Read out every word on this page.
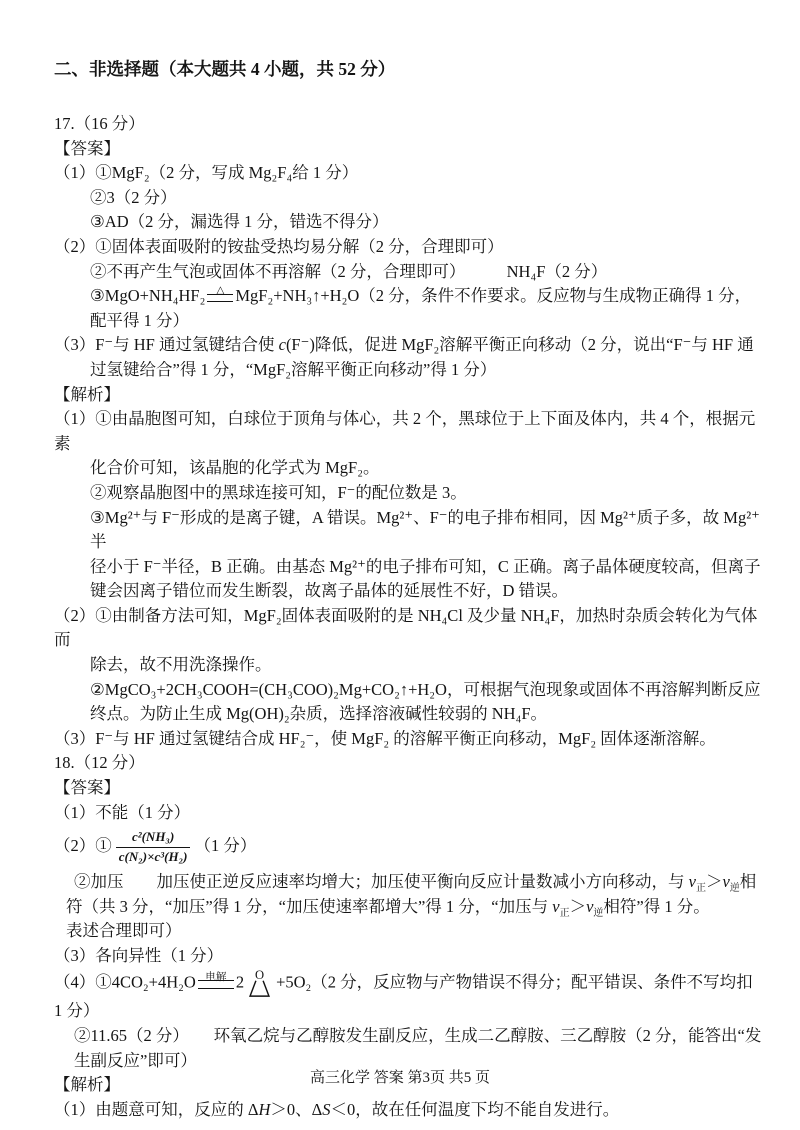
二、非选择题（本大题共 4 小题，共 52 分）

17.（16 分）

【答案】

（1）①MgF₂（2 分，写成 Mg₂F₄给 1 分）

②3（2 分）

③AD（2 分，漏选得 1 分，错选不得分）

（2）①固体表面吸附的铵盐受热均易分解（2 分，合理即可）

②不再产生气泡或固体不再溶解（2 分，合理即可）　　　NH₄F（2 分）

③MgO+NH₄HF₂ △ MgF₂+NH₃↑+H₂O（2 分，条件不作要求。反应物与生成物正确得 1 分，

配平得 1 分）

（3）F⁻与 HF 通过氢键结合使 c(F⁻)降低，促进 MgF₂溶解平衡正向移动（2 分，说出“F⁻与 HF 通

过氢键给合”得 1 分，“MgF₂溶解平衡正向移动”得 1 分）

【解析】

（1）①由晶胞图可知，白球位于顶角与体心，共 2 个，黑球位于上下面及体内，共 4 个，根据元素

化合价可知，该晶胞的化学式为 MgF₂。

②观察晶胞图中的黑球连接可知，F⁻的配位数是 3。

③Mg²⁺与 F⁻形成的是离子键，A 错误。Mg²⁺、F⁻的电子排布相同，因 Mg²⁺质子多，故 Mg²⁺半

径小于 F⁻半径，B 正确。由基态 Mg²⁺的电子排布可知，C 正确。离子晶体硬度较高，但离子

键会因离子错位而发生断裂，故离子晶体的延展性不好，D 错误。

（2）①由制备方法可知，MgF₂固体表面吸附的是 NH₄Cl 及少量 NH₄F，加热时杂质会转化为气体而

除去，故不用洗涤操作。

②MgCO₃+2CH₃COOH=(CH₃COO)₂Mg+CO₂↑+H₂O，可根据气泡现象或固体不再溶解判断反应

终点。为防止生成 Mg(OH)₂杂质，选择溶液碱性较弱的 NH₄F。

（3）F⁻与 HF 通过氢键结合成 HF₂⁻，使 MgF₂ 的溶解平衡正向移动，MgF₂ 固体逐渐溶解。

18.（12 分）

【答案】

（1）不能（1 分）

（2）① $\frac{\text{c²(NH₃)}}{\text{c(N₂)×c³(H₂)}} (1$ 分）

②加压　　加压使正逆反应速率均增大；加压使平衡向反应计量数减小方向移动，与 $v_正>v_逆$相

符（共 3 分，“加压”得 1 分，“加压使速率都增大”得 1 分，“加压与 $v_正>v_逆$相符”得 1 分。

表述合理即可）

（3）各向异性（1 分）

（4）①4CO₂+4H₂O 电解 2 O +5O₂（2 分，反应物与产物错误不得分；配平错误、条件不写均扣 1 分）

②11.65（2 分）　　环氧乙烷与乙醇胺发生副反应，生成二乙醇胺、三乙醇胺（2 分，能答出“发

生副反应”即可）

【解析】

（1）由题意可知，反应的 ΔH＞0、ΔS＜0，故在任何温度下均不能自发进行。

高三化学 答案 第3页 共5 页
